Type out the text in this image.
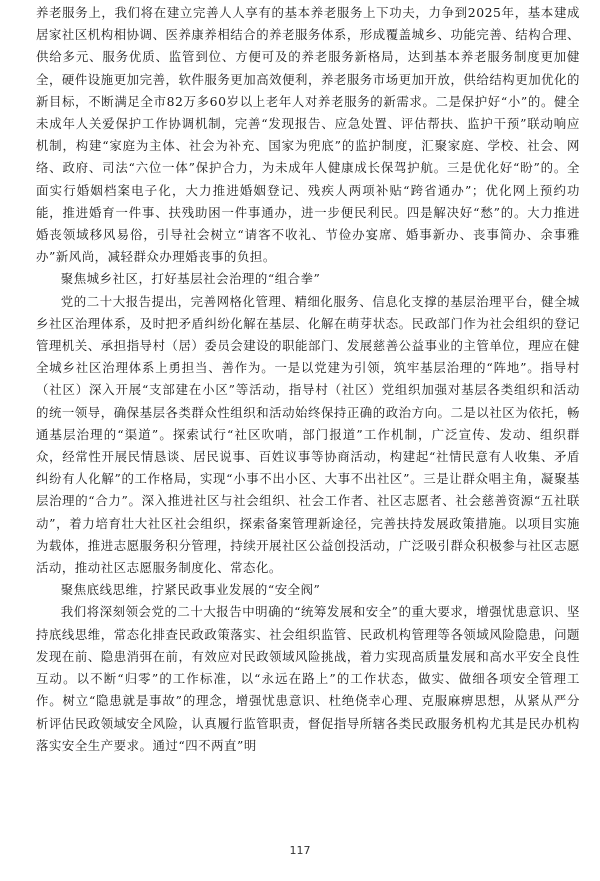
养老服务上，我们将在建立完善人人享有的基本养老服务上下功夫，力争到2025年，基本建成居家社区机构相协调、医养康养相结合的养老服务体系，形成覆盖城乡、功能完善、结构合理、供给多元、服务优质、监管到位、方便可及的养老服务新格局，达到基本养老服务制度更加健全，硬件设施更加完善，软件服务更加高效便利，养老服务市场更加开放，供给结构更加优化的新目标，不断满足全市82万多60岁以上老年人对养老服务的新需求。二是保护好“小”的。健全未成年人关爱保护工作协调机制，完善“发现报告、应急处置、评估帮扶、监护干预”联动响应机制，构建“家庭为主体、社会为补充、国家为兜底”的监护制度，汇聚家庭、学校、社会、网络、政府、司法“六位一体”保护合力，为未成年人健康成长保驾护航。三是优化好“盼”的。全面实行婚姻档案电子化，大力推进婚姻登记、残疾人两项补贴“跨省通办”；优化网上预约功能，推进婚育一件事、扶残助困一件事通办，进一步便民利民。四是解决好“愁”的。大力推进婚丧领域移风易俗，引导社会树立“请客不收礼、节俭办宴席、婚事新办、丧事简办、余事雅办”新风尚，减轻群众办理婚丧事的负担。

聚焦城乡社区，打好基层社会治理的“组合拳”

党的二十大报告提出，完善网格化管理、精细化服务、信息化支撑的基层治理平台，健全城乡社区治理体系，及时把矛盾纠纷化解在基层、化解在萌芽状态。民政部门作为社会组织的登记管理机关、承担指导村（居）委员会建设的职能部门、发展慈善公益事业的主管单位，理应在健全城乡社区治理体系上勇担当、善作为。一是以党建为引领，筑牢基层治理的“阵地”。指导村（社区）深入开展“支部建在小区”等活动，指导村（社区）党组织加强对基层各类组织和活动的统一领导，确保基层各类群众性组织和活动始终保持正确的政治方向。二是以社区为依托，畅通基层治理的“渠道”。探索试行“社区吹哨，部门报道”工作机制，广泛宣传、发动、组织群众，经常性开展民情恳谈、居民说事、百姓议事等协商活动，构建起“社情民意有人收集、矛盾纠纷有人化解”的工作格局，实现“小事不出小区、大事不出社区”。三是让群众唱主角，凝聚基层治理的“合力”。深入推进社区与社会组织、社会工作者、社区志愿者、社会慈善资源“五社联动”，着力培育壮大社区社会组织，探索备案管理新途径，完善扶持发展政策措施。以项目实施为载体，推进志愿服务积分管理，持续开展社区公益创投活动，广泛吸引群众积极参与社区志愿活动，推动社区志愿服务制度化、常态化。

聚焦底线思维，拧紧民政事业发展的“安全阀”

我们将深刻领会党的二十大报告中明确的“统筹发展和安全”的重大要求，增强忧患意识、坚持底线思维，常态化排查民政政策落实、社会组织监管、民政机构管理等各领域风险隐患，问题发现在前、隐患消弭在前，有效应对民政领域风险挑战，着力实现高质量发展和高水平安全良性互动。以不断“归零”的工作标准，以“永远在路上”的工作状态，做实、做细各项安全管理工作。树立“隐患就是事故”的理念，增强忧患意识、杜绝侥幸心理、克服麻痹思想，从紧从严分析评估民政领域安全风险，认真履行监管职责，督促指导所辖各类民政服务机构尤其是民办机构落实安全生产要求。通过“四不两直”明

117
